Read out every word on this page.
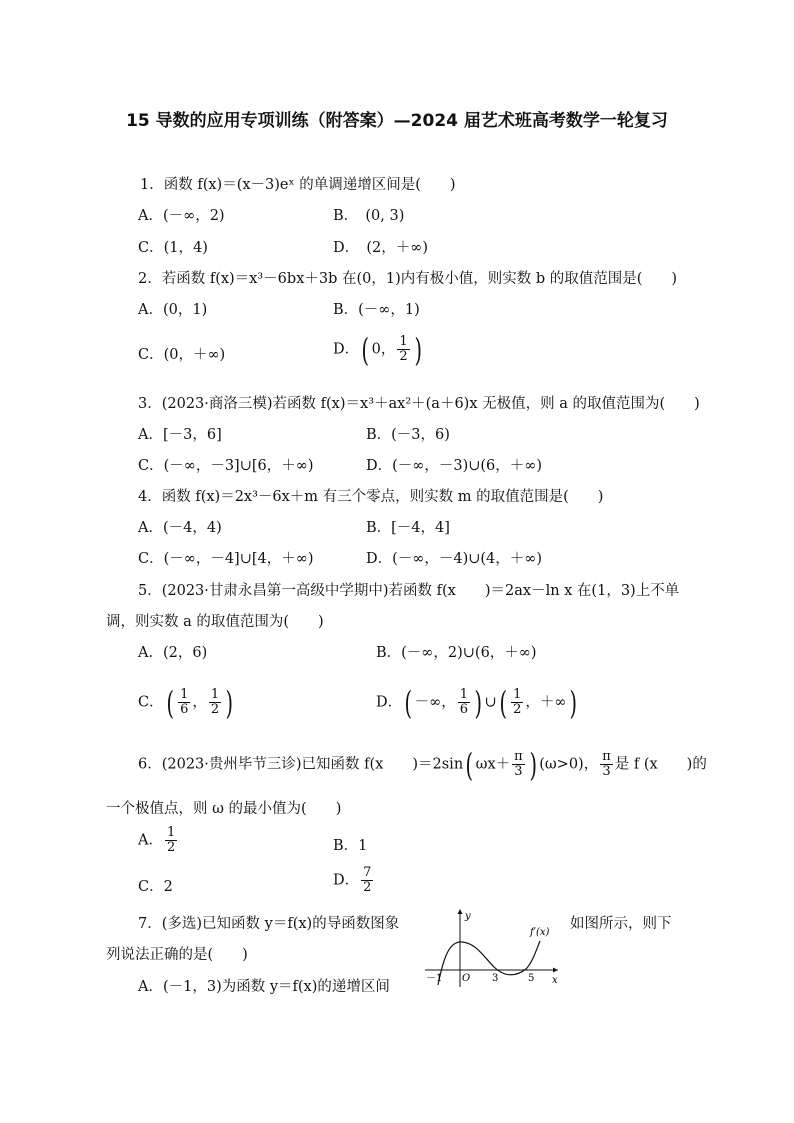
15 导数的应用专项训练（附答案）—2024 届艺术班高考数学一轮复习
1．函数 f(x)＝(x－3)eˣ 的单调递增区间是(　　)
A．(－∞，2)	B．　(0, 3)
C．(1，4)	D．　(2，＋∞)
2．若函数 f(x)＝x³－6bx＋3b 在(0，1)内有极小值，则实数 b 的取值范围是(　　)
A．(0，1)	B．(－∞，1)
C．(0，＋∞)	D．( 0， $\frac{1}{2}$ )
3．(2023·商洛三模)若函数 f(x)＝x³＋ax²＋(a＋6)x 无极值，则 a 的取值范围为(　　)
A．[－3，6]	B．(－3，6)
C．(－∞，－3]∪[6，＋∞)	D．(－∞，－3)∪(6，＋∞)
4．函数 f(x)＝2x³－6x＋m 有三个零点，则实数 m 的取值范围是(　　)
A．(－4，4)	B．[－4，4]
C．(－∞，－4]∪[4，＋∞)	D．(－∞，－4)∪(4，＋∞)
5．(2023·甘肃永昌第一高级中学期中)若函数 f(x　　)＝2ax－ln x 在(1，3)上不单
调，则实数 a 的取值范围为(　　)
A．(2，6)	B．(－∞，2)∪(6，＋∞)
C．( $\frac{1}{6}$ ， $\frac{1}{2}$ )	D．( －∞， $\frac{1}{6}$ ) ∪( $\frac{1}{2}$ ，＋∞)
6．(2023·贵州毕节三诊)已知函数 f(x　　)＝2sin( $\omega x+ \frac{\pi}{3}$ ) (ω>0)， $\frac{\pi}{3}$ 是 f (x　　)的
一个极值点，则 ω 的最小值为(　　)
A． $\frac{1}{2}$	B．1
C．2	D． $\frac{7}{2}$
7．(多选)已知函数 y＝f(x)的导函数图象	如图所示，则下
列说法正确的是(　　)
A．(－1，3)为函数 y＝f(x)的递增区间
y
x
f′(x)
－1 O 3	5
